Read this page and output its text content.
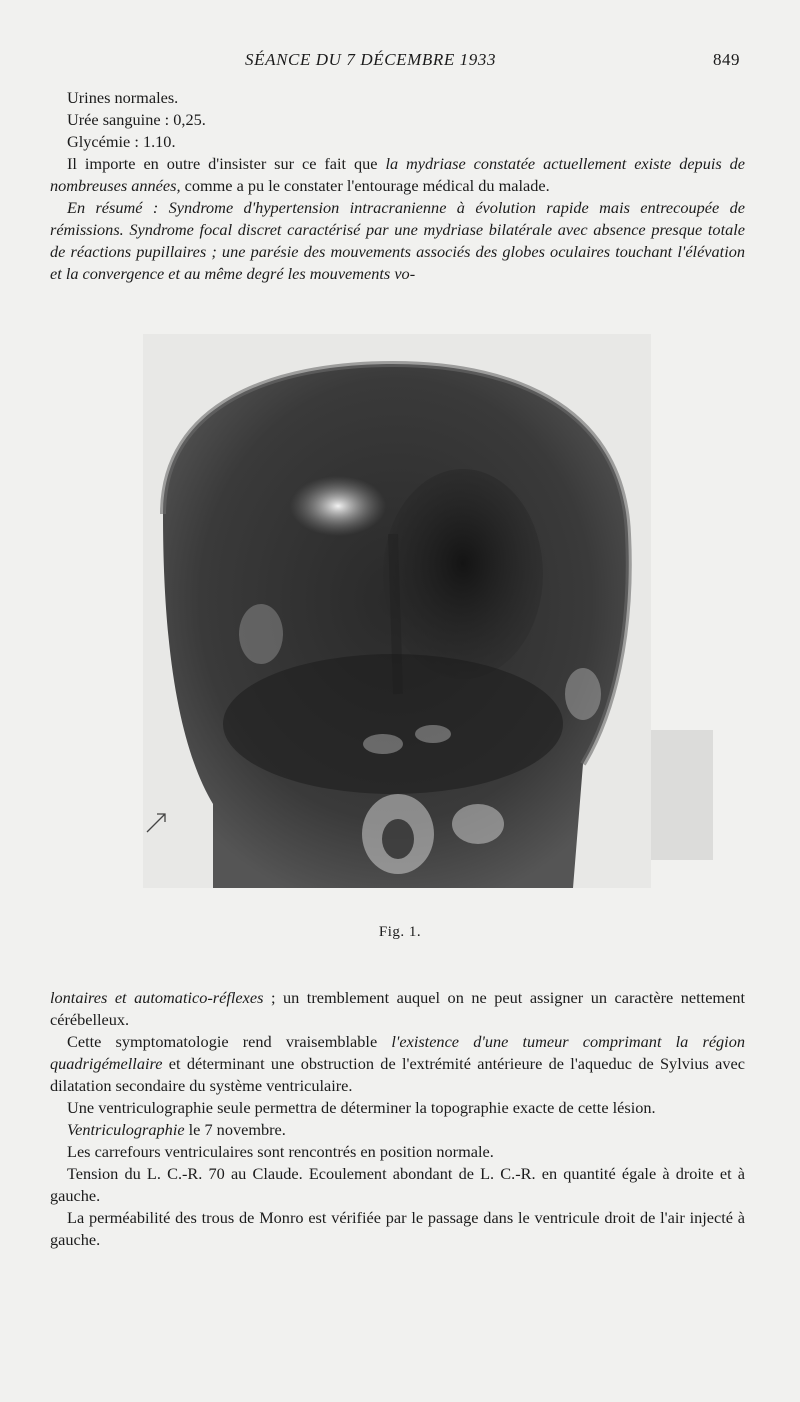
SÉANCE DU 7 DÉCEMBRE 1933	849

Urines normales.

Urée sanguine : 0,25.

Glycémie : 1.10.

Il importe en outre d'insister sur ce fait que la mydriase constatée actuellement existe depuis de nombreuses années, comme a pu le constater l'entourage médical du malade.

En résumé : Syndrome d'hypertension intracranienne à évolution rapide mais entrecoupée de rémissions. Syndrome focal discret caractérisé par une mydriase bilatérale avec absence presque totale de réactions pupillaires ; une parésie des mouvements associés des globes oculaires touchant l'élévation et la convergence et au même degré les mouvements vo-

Fig. 1.

lontaires et automatico-réflexes ; un tremblement auquel on ne peut assigner un caractère nettement cérébelleux.

Cette symptomatologie rend vraisemblable l'existence d'une tumeur comprimant la région quadrigémellaire et déterminant une obstruction de l'extrémité antérieure de l'aqueduc de Sylvius avec dilatation secondaire du système ventriculaire.

Une ventriculographie seule permettra de déterminer la topographie exacte de cette lésion.

Ventriculographie le 7 novembre.

Les carrefours ventriculaires sont rencontrés en position normale.

Tension du L. C.-R. 70 au Claude. Ecoulement abondant de L. C.-R. en quantité égale à droite et à gauche.

La perméabilité des trous de Monro est vérifiée par le passage dans le ventricule droit de l'air injecté à gauche.
